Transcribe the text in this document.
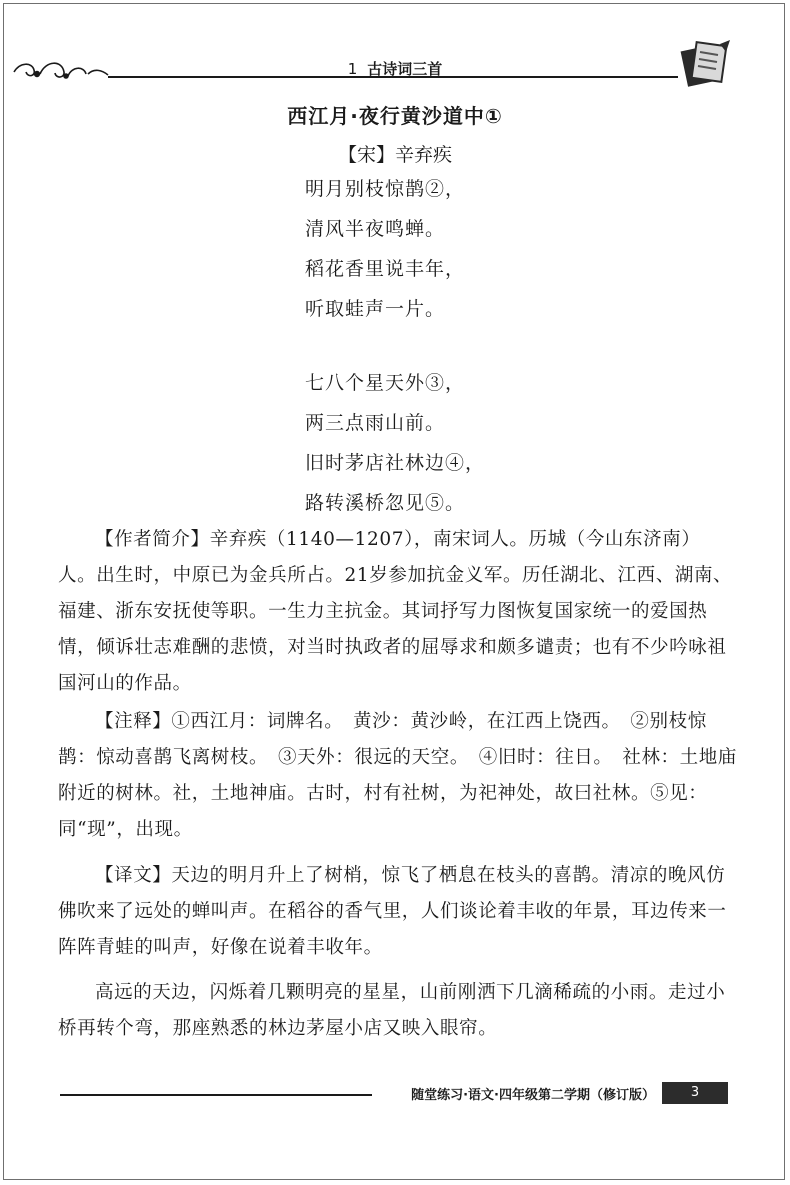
1 古诗词三首
西江月·夜行黄沙道中①
【宋】辛弃疾
明月别枝惊鹊②，
清风半夜鸣蝉。
稻花香里说丰年，
听取蛙声一片。
七八个星天外③，
两三点雨山前。
旧时茅店社林边④，
路转溪桥忽见⑤。
【作者简介】辛弃疾（1140—1207），南宋词人。历城（今山东济南）人。出生时，中原已为金兵所占。21岁参加抗金义军。历任湖北、江西、湖南、福建、浙东安抚使等职。一生力主抗金。其词抒写力图恢复国家统一的爱国热情，倾诉壮志难酬的悲愤，对当时执政者的屈辱求和颇多谴责；也有不少吟咏祖国河山的作品。
【注释】①西江月：词牌名。　黄沙：黄沙岭，在江西上饶西。　②别枝惊鹊：惊动喜鹊飞离树枝。　③天外：很远的天空。　④旧时：往日。　社林：土地庙附近的树林。社，土地神庙。古时，村有社树，为祀神处，故曰社林。⑤见：同“现”，出现。
【译文】天边的明月升上了树梢，惊飞了栖息在枝头的喜鹊。清凉的晚风仿佛吹来了远处的蝉叫声。在稻谷的香气里，人们谈论着丰收的年景，耳边传来一阵阵青蛙的叫声，好像在说着丰收年。
高远的天边，闪烁着几颗明亮的星星，山前刚洒下几滴稀疏的小雨。走过小桥再转个弯，那座熟悉的林边茅屋小店又映入眼帘。
随堂练习·语文·四年级第二学期（修订版）	3
